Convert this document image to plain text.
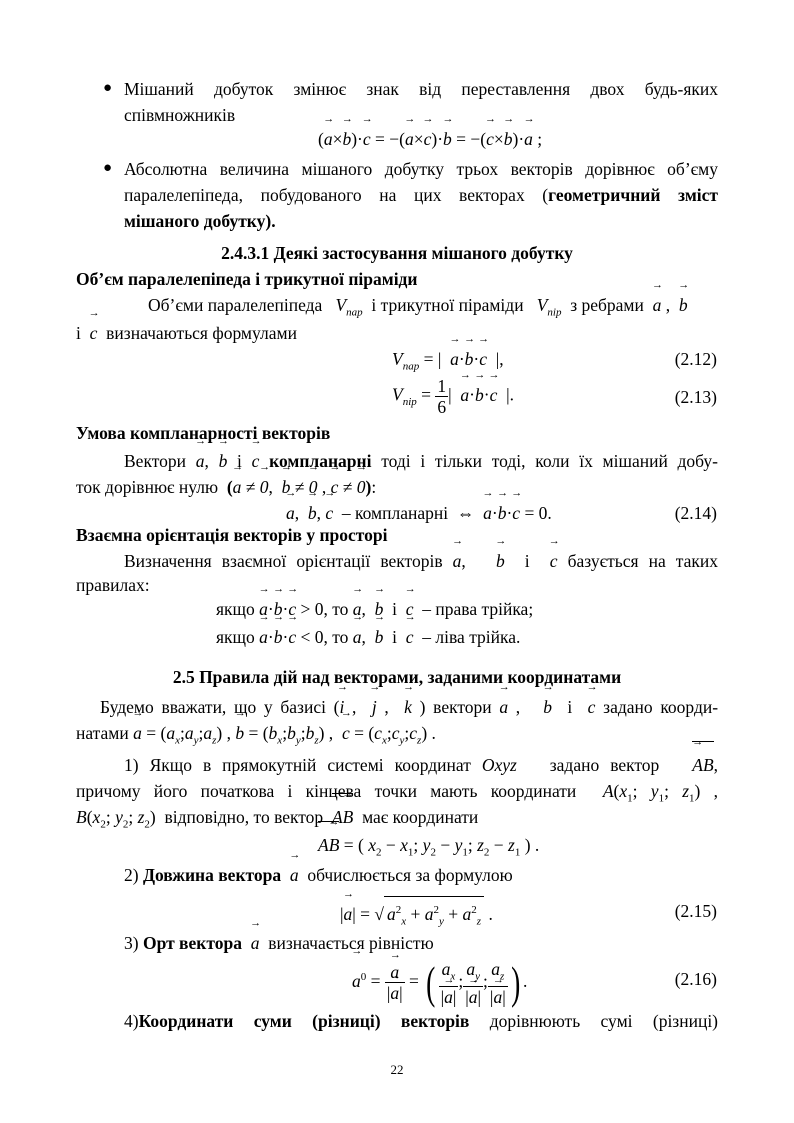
● Мішаний добуток змінює знак від переставлення двох будь-яких
співмножників
(→ a×→ b)·→ c = −(→ a×→ c)·→ b = −(→ c×→ b)·→ a ;
● Абсолютна величина мішаного добутку трьох векторів дорівнює об’єму
паралелепіпеда, побудованого на цих векторах (геометричний зміст
мішаного добутку).
2.4.3.1 Деякі застосування мішаного добутку
Об’єм паралелепіпеда і трикутної піраміди
Об’єми паралелепіпеда $V_{пар}$ і трикутної піраміди $V_{пір}$ з ребрами → a ,  → b
і → c визначаються формулами
$V_{пар}$ = |  → a·→ b·→ c  |,	(2.12)
$V_{пір} = \frac{1}{6}$ |  → a·→ b·→ c  |.	(2.13)
Умова компланарності векторів
Вектори → a, → b і → c компланарні тоді і тільки тоді, коли їх мішаний добу-
ток дорівнює нулю (→ a ≠ → 0,  → b ≠ → 0 , → c ≠ → 0):
→ a,  → b, → c – компланарні  ⇔  → a·→ b·→ c = 0.	(2.14)
Взаємна орієнтація векторів у просторі
Визначення взаємної орієнтації векторів → a,   → b  і  → c базується на таких
правилах:
якщо → a·→ b·→ c > 0, то → a,  → b  і  → c – права трійка;
якщо → a·→ b·→ c < 0, то → a,  → b  і  → c – ліва трійка.
2.5 Правила дій над векторами, заданими координатами
Будемо вважати, що у базисі (→ i ,  → j ,  → k ) вектори → a ,   → b  і  → c задано коорди-
натами → $a = (a_x;a_y;a_z)$ , → $b = (b_x;b_y;b_z)$ ,  → $c = (c_x;c_y;c_z)$ .
1) Якщо в прямокутній системі координат Oxyz задано вектор → AB,
причому його початкова і кінцева точки мають координати $A(x_1$; $y_1$; $z_1$) ,
$B(x_2$; $y_2$; $z_2$)  відповідно, то вектор → AB має координати
→ AB = ( $x_2 - x_1$; $y_2 - y_1$; $z_2 - z_1$ ) .
2) Довжина вектора → a обчислюється за формулою
|→ a| = √ $a^2_x + a^2_y + a^2_z$ .	(2.15)
3) Орт вектора → a визначається рівністю
→ $a^0$ = → $\frac{a}{|\to a|}$ = ( $\frac{a_x}{|\to a|}$ ; $\frac{a_y}{|\to a|}$ ; $\frac{a_z}{|\to a|}$ ) .	(2.16)
4)Координати суми (різниці) векторів дорівнюють сумі (різниці)
22
